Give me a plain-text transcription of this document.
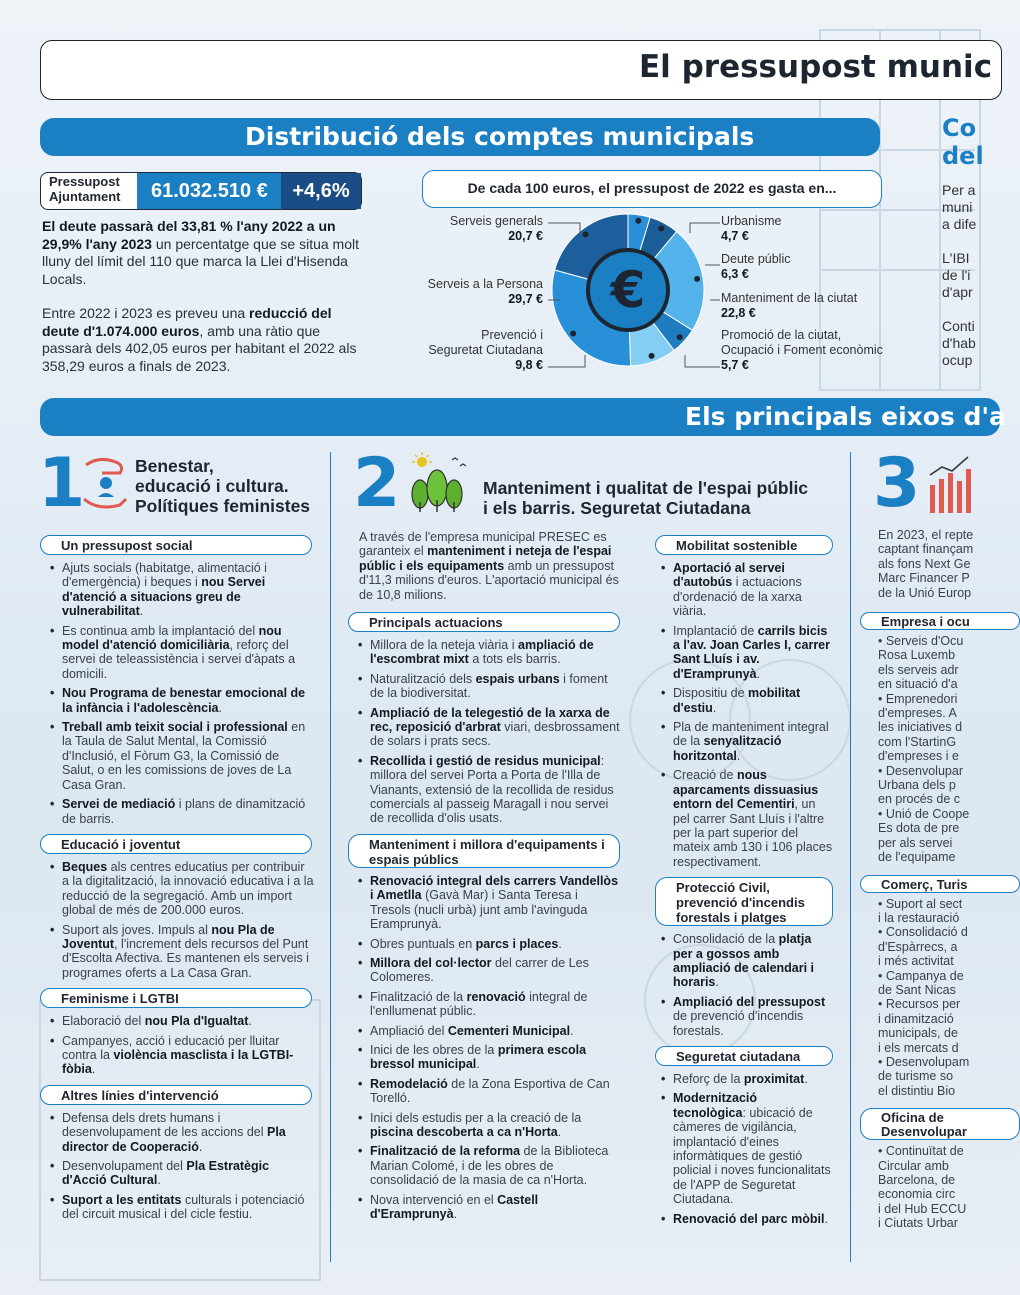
El pressupost munic
Distribució dels comptes municipals
Pressupost
Ajuntament	61.032.510 €	+4,6%
El deute passarà del 33,81 % l'any 2022 a un 29,9% l'any 2023 un percentatge que se situa molt lluny del límit del 110 que marca la Llei d'Hisenda Locals.
Entre 2022 i 2023 es preveu una reducció del deute d'1.074.000 euros, amb una ràtio que passarà dels 402,05 euros per habitant el 2022 als 358,29 euros a finals de 2023.
De cada 100 euros, el pressupost de 2022 es gasta en...
€
Serveis generals
20,7 €
Serveis a la Persona
29,7 €
Prevenció i
Seguretat Ciutadana
9,8 €
Urbanisme
4,7 €
Deute públic
6,3 €
Manteniment de la ciutat
22,8 €
Promoció de la ciutat,
Ocupació i Foment econòmic
5,7 €
Co
del
Per a
muni
a dife
L'IBI
de l'i
d'apr
Conti
d'hab
ocup
Els principals eixos d'a
1	Benestar,
educació i cultura.
Polítiques feministes
Un pressupost social
• Ajuts socials (habitatge, alimentació i d'emergència) i beques i nou Servei d'atenció a situacions greu de vulnerabilitat.
• Es continua amb la implantació del nou model d'atenció domiciliària, reforç del servei de teleassistència i servei d'àpats a domicili.
• Nou Programa de benestar emocional de la infància i l'adolescència.
• Treball amb teixit social i professional en la Taula de Salut Mental, la Comissió d'Inclusió, el Fòrum G3, la Comissió de Salut, o en les comissions de joves de La Casa Gran.
• Servei de mediació i plans de dinamització de barris.
Educació i joventut
• Beques als centres educatius per contribuir a la digitalització, la innovació educativa i a la reducció de la segregació. Amb un import global de més de 200.000 euros.
• Suport als joves. Impuls al nou Pla de Joventut, l'increment dels recursos del Punt d'Escolta Afectiva. Es mantenen els serveis i programes oferts a La Casa Gran.
Feminisme i LGTBI
• Elaboració del nou Pla d'Igualtat.
• Campanyes, acció i educació per lluitar contra la violència masclista i la LGTBI-fòbia.
Altres línies d'intervenció
• Defensa dels drets humans i desenvolupament de les accions del Pla director de Cooperació.
• Desenvolupament del Pla Estratègic d'Acció Cultural.
• Suport a les entitats culturals i potenciació del circuit musical i del cicle festiu.
2	Manteniment i qualitat de l'espai públic
i els barris. Seguretat Ciutadana
A través de l'empresa municipal PRESEC es garanteix el manteniment i neteja de l'espai públic i els equipaments amb un pressupost d'11,3 milions d'euros. L'aportació municipal és de 10,8 milions.
Principals actuacions
• Millora de la neteja viària i ampliació de l'escombrat mixt a tots els barris.
• Naturalització dels espais urbans i foment de la biodiversitat.
• Ampliació de la telegestió de la xarxa de rec, reposició d'arbrat viari, desbrossament de solars i prats secs.
• Recollida i gestió de residus municipal: millora del servei Porta a Porta de l'Illa de Vianants, extensió de la recollida de residus comercials al passeig Maragall i nou servei de recollida d'olis usats.
Manteniment i millora d'equipaments i espais públics
• Renovació integral dels carrers Vandellòs i Ametlla (Gavà Mar) i Santa Teresa i Tresols (nucli urbà) junt amb l'avinguda Eramprunyà.
• Obres puntuals en parcs i places.
• Millora del col·lector del carrer de Les Colomeres.
• Finalització de la renovació integral de l'enllumenat públic.
• Ampliació del Cementeri Municipal.
• Inici de les obres de la primera escola bressol municipal.
• Remodelació de la Zona Esportiva de Can Torelló.
• Inici dels estudis per a la creació de la piscina descoberta a ca n'Horta.
• Finalització de la reforma de la Biblioteca Marian Colomé, i de les obres de consolidació de la masia de ca n'Horta.
• Nova intervenció en el Castell d'Eramprunyà.
Mobilitat sostenible
• Aportació al servei d'autobús i actuacions d'ordenació de la xarxa viària.
• Implantació de carrils bicis a l'av. Joan Carles I, carrer Sant Lluís i av. d'Eramprunyà.
• Dispositiu de mobilitat d'estiu.
• Pla de manteniment integral de la senyalització horitzontal.
• Creació de nous aparcaments dissuasius entorn del Cementiri, un pel carrer Sant Lluís i l'altre per la part superior del mateix amb 130 i 106 places respectivament.
Protecció Civil, prevenció d'incendis forestals i platges
• Consolidació de la platja per a gossos amb ampliació de calendari i horaris.
• Ampliació del pressupost de prevenció d'incendis forestals.
Seguretat ciutadana
• Reforç de la proximitat.
• Modernització tecnològica: ubicació de càmeres de vigilància, implantació d'eines informàtiques de gestió policial i noves funcionalitats de l'APP de Seguretat Ciutadana.
• Renovació del parc mòbil.
3
En 2023, el repte
captant finançam
als fons Next Ge
Marc Financer P
de la Unió Europ
Empresa i ocu
• Serveis d'Ocu
Rosa Luxemb
els serveis adr
en situació d'a
• Emprenedori
d'empreses. A
les iniciatives d
com l'StartinG
d'empreses i e
• Desenvolupar
Urbana dels p
en procés de c
• Unió de Coope
Es dota de pre
per als servei
de l'equipame
Comerç, Turis
• Suport al sect
i la restauració
• Consolidació d
d'Espàrrecs, a
i més activitat
• Campanya de
de Sant Nicas
• Recursos per
i dinamització
municipals, de
i els mercats d
• Desenvolupam
de turisme so
el distintiu Bio
Oficina de Desenvolupar
• Continuïtat de
Circular amb
Barcelona, de
economia circ
i del Hub ECCU
i Ciutats Urbar
